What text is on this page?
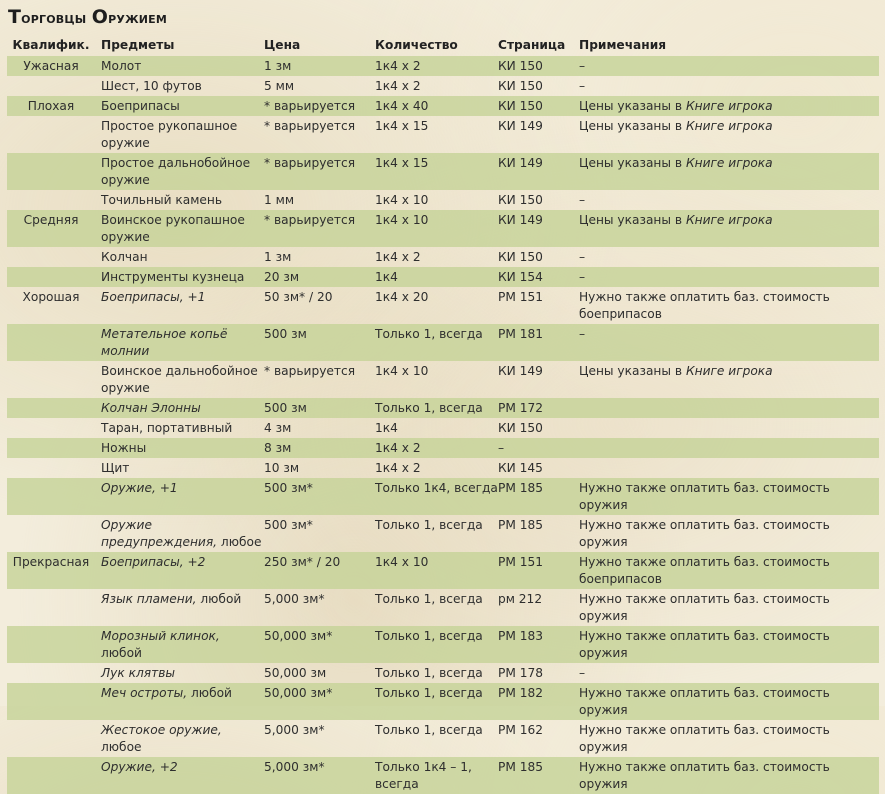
Торговцы Оружием
Квалифик.	Предметы	Цена	Количество	Страница	Примечания
Ужасная	Молот	1 зм	1к4 x 2	КИ 150	–
	Шест, 10 футов	5 мм	1к4 x 2	КИ 150	–
Плохая	Боеприпасы	* варьируется	1к4 x 40	КИ 150	Цены указаны в Книге игрока
	Простое рукопашное оружие	* варьируется	1к4 x 15	КИ 149	Цены указаны в Книге игрока
	Простое дальнобойное оружие	* варьируется	1к4 x 15	КИ 149	Цены указаны в Книге игрока
	Точильный камень	1 мм	1к4 x 10	КИ 150	–
Средняя	Воинское рукопашное оружие	* варьируется	1к4 x 10	КИ 149	Цены указаны в Книге игрока
	Колчан	1 зм	1к4 x 2	КИ 150	–
	Инструменты кузнеца	20 зм	1к4	КИ 154	–
Хорошая	Боеприпасы, +1	50 зм* / 20	1к4 x 20	РМ 151	Нужно также оплатить баз. стоимость боеприпасов
	Метательное копьё молнии	500 зм	Только 1, всегда	РМ 181	–
	Воинское дальнобойное оружие	* варьируется	1к4 x 10	КИ 149	Цены указаны в Книге игрока
	Колчан Элонны	500 зм	Только 1, всегда	РМ 172	
	Таран, портативный	4 зм	1к4	КИ 150	
	Ножны	8 зм	1к4 x 2	–	
	Щит	10 зм	1к4 x 2	КИ 145	
	Оружие, +1	500 зм*	Только 1к4, всегда	РМ 185	Нужно также оплатить баз. стоимость оружия
	Оружие предупреждения, любое	500 зм*	Только 1, всегда	РМ 185	Нужно также оплатить баз. стоимость оружия
Прекрасная	Боеприпасы, +2	250 зм* / 20	1к4 x 10	РМ 151	Нужно также оплатить баз. стоимость боеприпасов
	Язык пламени, любой	5,000 зм*	Только 1, всегда	рм 212	Нужно также оплатить баз. стоимость оружия
	Морозный клинок, любой	50,000 зм*	Только 1, всегда	РМ 183	Нужно также оплатить баз. стоимость оружия
	Лук клятвы	50,000 зм	Только 1, всегда	РМ 178	–
	Меч остроты, любой	50,000 зм*	Только 1, всегда	РМ 182	Нужно также оплатить баз. стоимость оружия
	Жестокое оружие, любое	5,000 зм*	Только 1, всегда	РМ 162	Нужно также оплатить баз. стоимость оружия
	Оружие, +2	5,000 зм*	Только 1к4 – 1, всегда	РМ 185	Нужно также оплатить баз. стоимость оружия
